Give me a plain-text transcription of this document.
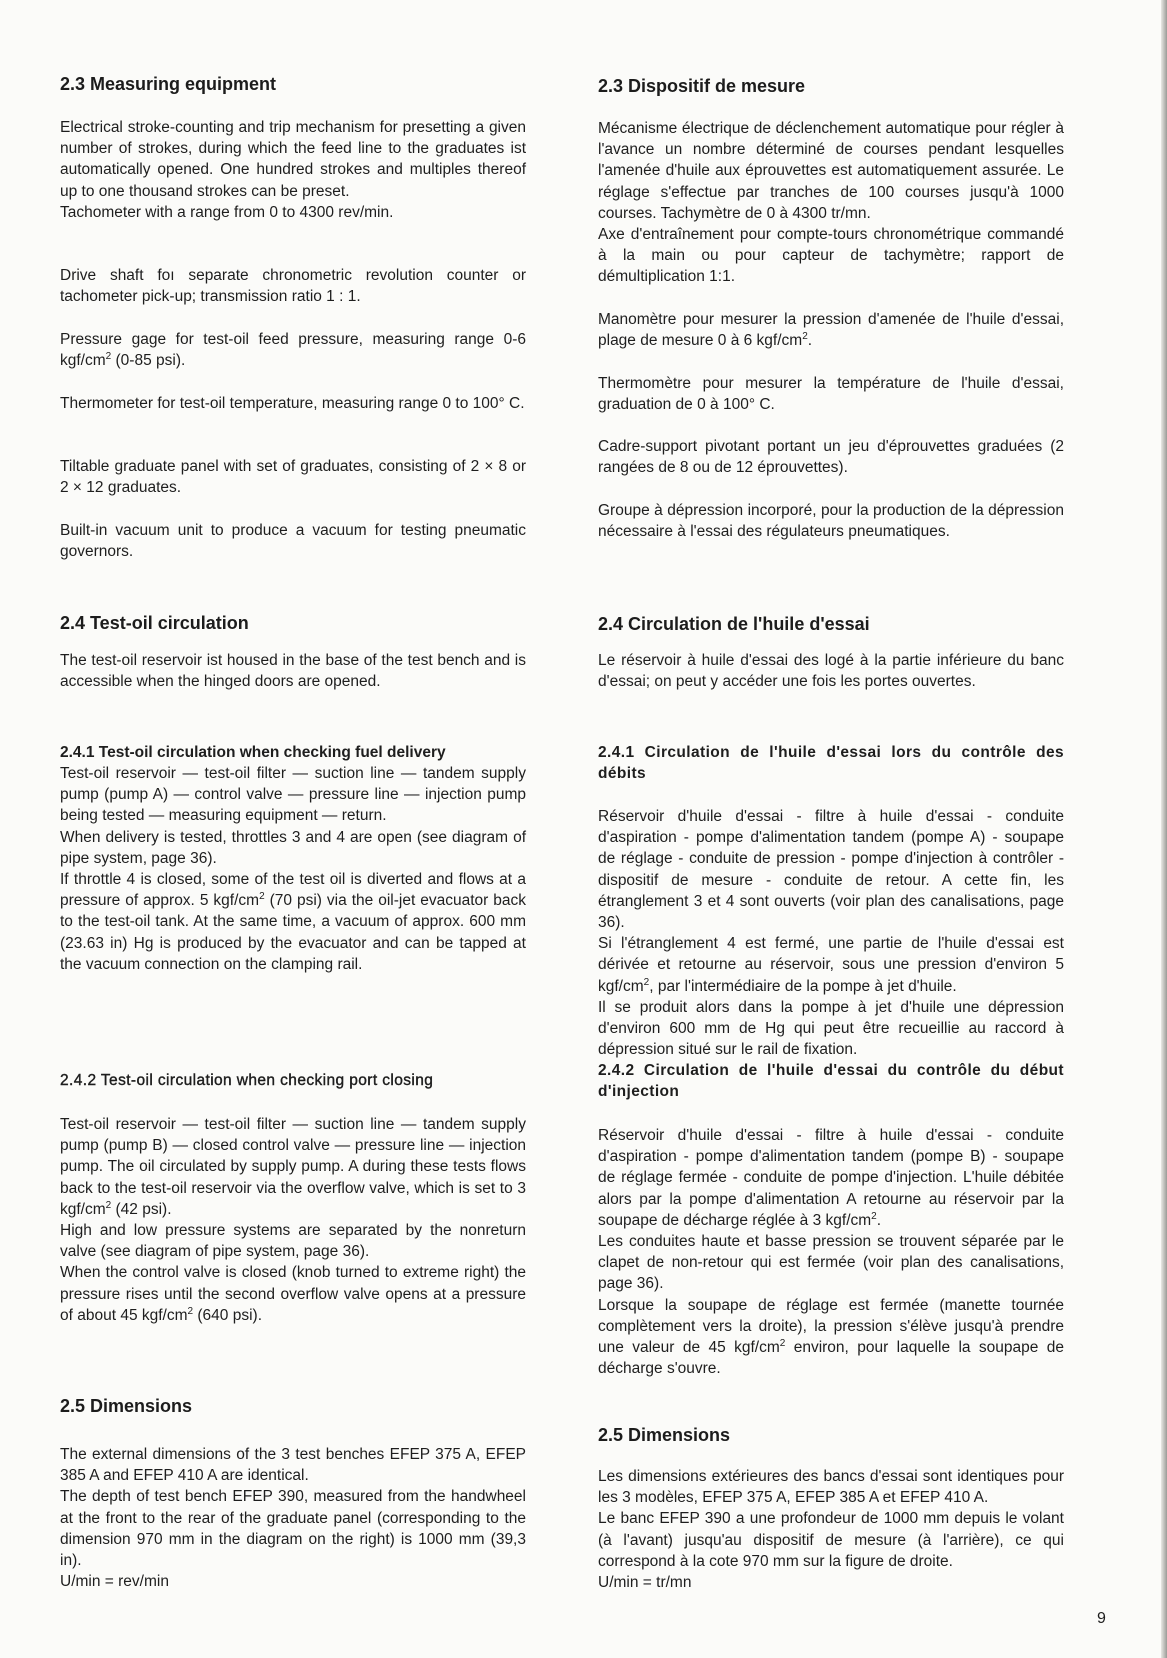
2.3 Measuring equipment
Electrical stroke-counting and trip mechanism for presetting a given number of strokes, during which the feed line to the graduates ist automatically opened. One hundred strokes and multiples thereof up to one thousand strokes can be preset.
Tachometer with a range from 0 to 4300 rev/min.

Drive shaft foı separate chronometric revolution counter or tachometer pick-up; transmission ratio 1 : 1.

Pressure gage for test-oil feed pressure, measuring range 0-6 kgf/$cm^2$ (0-85 psi).

Thermometer for test-oil temperature, measuring range 0 to 100° C.

Tiltable graduate panel with set of graduates, consisting of 2 × 8 or 2 × 12 graduates.

Built-in vacuum unit to produce a vacuum for testing pneumatic governors.

2.4 Test-oil circulation

The test-oil reservoir ist housed in the base of the test bench and is accessible when the hinged doors are opened.

2.4.1 Test-oil circulation when checking fuel delivery
Test-oil reservoir — test-oil filter — suction line — tandem supply pump (pump A) — control valve — pressure line — injection pump being tested — measuring equipment — return.
When delivery is tested, throttles 3 and 4 are open (see diagram of pipe system, page 36).
If throttle 4 is closed, some of the test oil is diverted and flows at a pressure of approx. 5 kgf/$cm^2$ (70 psi) via the oil-jet evacuator back to the test-oil tank. At the same time, a vacuum of approx. 600 mm (23.63 in) Hg is produced by the evacuator and can be tapped at the vacuum connection on the clamping rail.
2.4.2 Test-oil circulation when checking port closing
Test-oil reservoir — test-oil filter — suction line — tandem supply pump (pump B) — closed control valve — pressure line — injection pump. The oil circulated by supply pump. A during these tests flows back to the test-oil reservoir via the overflow valve, which is set to 3 kgf/$cm^2$ (42 psi).
High and low pressure systems are separated by the nonreturn valve (see diagram of pipe system, page 36).
When the control valve is closed (knob turned to extreme right) the pressure rises until the second overflow valve opens at a pressure of about 45 kgf/$cm^2$ (640 psi).
2.5 Dimensions
The external dimensions of the 3 test benches EFEP 375 A, EFEP 385 A and EFEP 410 A are identical.
The depth of test bench EFEP 390, measured from the handwheel at the front to the rear of the graduate panel (corresponding to the dimension 970 mm in the diagram on the right) is 1000 mm (39,3 in).
U/min = rev/min
2.3 Dispositif de mesure
Mécanisme électrique de déclenchement automatique pour régler à l'avance un nombre déterminé de courses pendant lesquelles l'amenée d'huile aux éprouvettes est automatiquement assurée. Le réglage s'effectue par tranches de 100 courses jusqu'à 1000 courses. Tachymètre de 0 à 4300 tr/mn.
Axe d'entraînement pour compte-tours chronométrique commandé à la main ou pour capteur de tachymètre; rapport de démultiplication 1:1.

Manomètre pour mesurer la pression d'amenée de l'huile d'essai, plage de mesure 0 à 6 kgf/$cm^2$.

Thermomètre pour mesurer la température de l'huile d'essai, graduation de 0 à 100° C.

Cadre-support pivotant portant un jeu d'éprouvettes graduées (2 rangées de 8 ou de 12 éprouvettes).

Groupe à dépression incorporé, pour la production de la dépression nécessaire à l'essai des régulateurs pneumatiques.

2.4 Circulation de l'huile d'essai

Le réservoir à huile d'essai des logé à la partie inférieure du banc d'essai; on peut y accéder une fois les portes ouvertes.

2.4.1 Circulation de l'huile d'essai lors du contrôle des débits
Réservoir d'huile d'essai - filtre à huile d'essai - conduite d'aspiration - pompe d'alimentation tandem (pompe A) - soupape de réglage - conduite de pression - pompe d'injection à contrôler - dispositif de mesure - conduite de retour. A cette fin, les étranglement 3 et 4 sont ouverts (voir plan des canalisations, page 36).
Si l'étranglement 4 est fermé, une partie de l'huile d'essai est dérivée et retourne au réservoir, sous une pression d'environ 5 kgf/$cm^2$, par l'intermédiaire de la pompe à jet d'huile.
Il se produit alors dans la pompe à jet d'huile une dépression d'environ 600 mm de Hg qui peut être recueillie au raccord à dépression situé sur le rail de fixation.
2.4.2 Circulation de l'huile d'essai du contrôle du début d'injection
Réservoir d'huile d'essai - filtre à huile d'essai - conduite d'aspiration - pompe d'alimentation tandem (pompe B) - soupape de réglage fermée - conduite de pompe d'injection. L'huile débitée alors par la pompe d'alimentation A retourne au réservoir par la soupape de décharge réglée à 3 kgf/$cm^2$.
Les conduites haute et basse pression se trouvent séparée par le clapet de non-retour qui est fermée (voir plan des canalisations, page 36).
Lorsque la soupape de réglage est fermée (manette tournée complètement vers la droite), la pression s'élève jusqu'à prendre une valeur de 45 kgf/$cm^2$ environ, pour laquelle la soupape de décharge s'ouvre.
2.5 Dimensions
Les dimensions extérieures des bancs d'essai sont identiques pour les 3 modèles, EFEP 375 A, EFEP 385 A et EFEP 410 A.
Le banc EFEP 390 a une profondeur de 1000 mm depuis le volant (à l'avant) jusqu'au dispositif de mesure (à l'arrière), ce qui correspond à la cote 970 mm sur la figure de droite.
U/min = tr/mn
9
